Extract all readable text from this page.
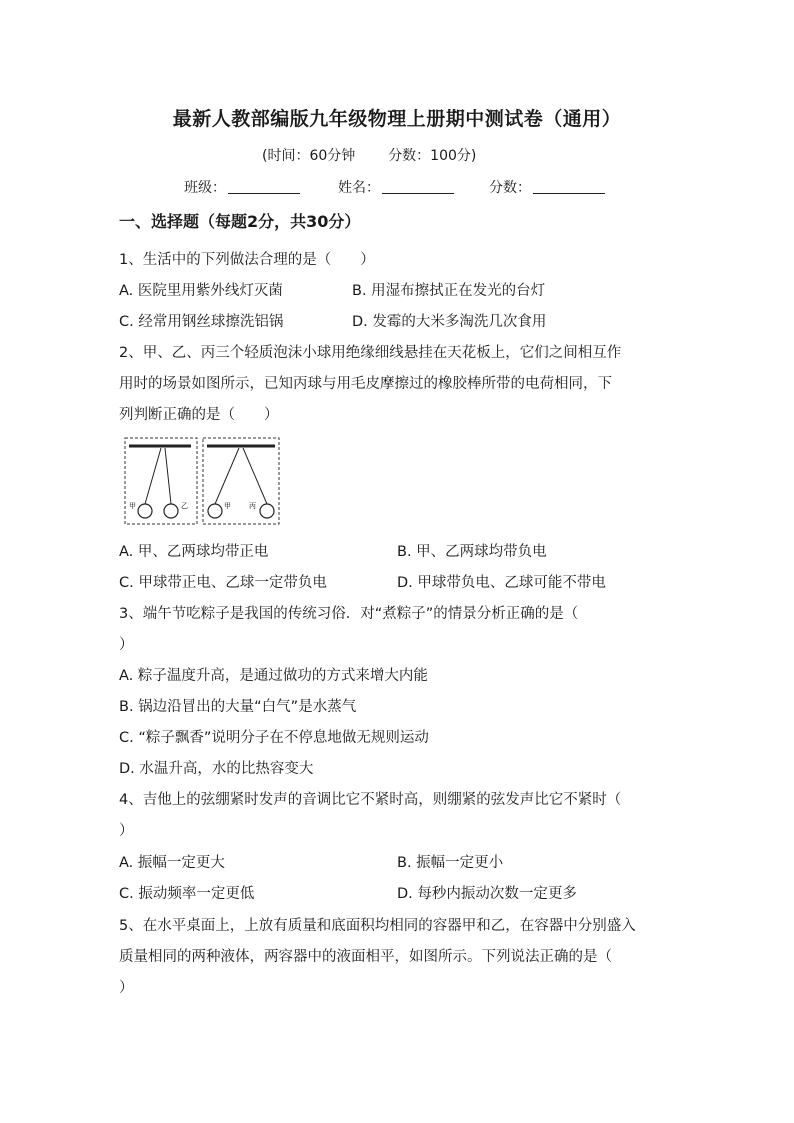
最新人教部编版九年级物理上册期中测试卷（通用）
(时间：60分钟 分数：100分)
班级：	姓名：	分数：
一、选择题（每题2分，共30分）
1、生活中的下列做法合理的是（　　）
A. 医院里用紫外线灯灭菌	B. 用湿布擦拭正在发光的台灯
C. 经常用钢丝球擦洗铝锅	D. 发霉的大米多淘洗几次食用
2、甲、乙、丙三个轻质泡沫小球用绝缘细线悬挂在天花板上，它们之间相互作
用时的场景如图所示，已知丙球与用毛皮摩擦过的橡胶棒所带的电荷相同，下
列判断正确的是（　　）
甲	乙	甲	丙
A. 甲、乙两球均带正电	B. 甲、乙两球均带负电
C. 甲球带正电、乙球一定带负电	D. 甲球带负电、乙球可能不带电
3、端午节吃粽子是我国的传统习俗．对“煮粽子”的情景分析正确的是（
）
A. 粽子温度升高，是通过做功的方式来增大内能
B. 锅边沿冒出的大量“白气”是水蒸气
C. “粽子飘香”说明分子在不停息地做无规则运动
D. 水温升高，水的比热容变大
4、吉他上的弦绷紧时发声的音调比它不紧时高，则绷紧的弦发声比它不紧时（
）
A. 振幅一定更大	B. 振幅一定更小
C. 振动频率一定更低	D. 每秒内振动次数一定更多
5、在水平桌面上，上放有质量和底面积均相同的容器甲和乙，在容器中分别盛入
质量相同的两种液体，两容器中的液面相平，如图所示。下列说法正确的是（
）
